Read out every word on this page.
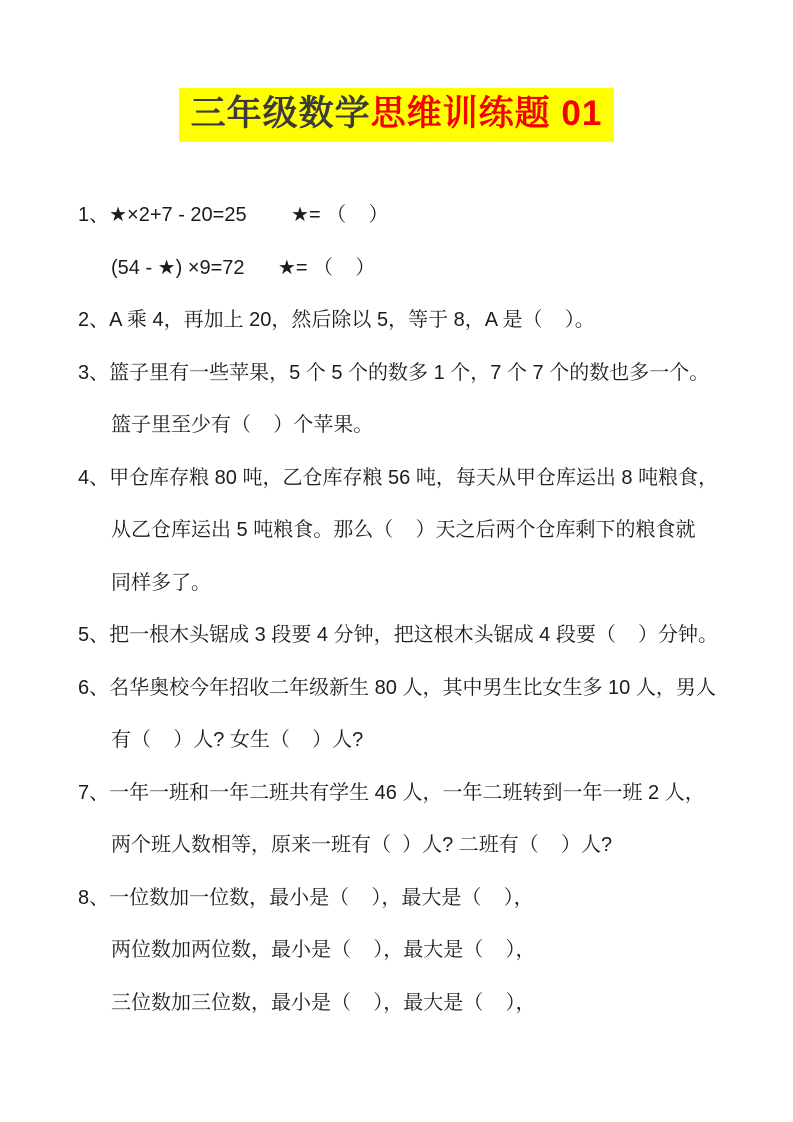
三年级数学思维训练题 01
1、★×2+7 - 20=25        ★= （    ）
(54 - ★) ×9=72      ★= （    ）
2、A 乘 4，再加上 20，然后除以 5，等于 8，A 是（    ）。
3、篮子里有一些苹果，5 个 5 个的数多 1 个，7 个 7 个的数也多一个。
篮子里至少有（    ）个苹果。
4、甲仓库存粮 80 吨，乙仓库存粮 56 吨，每天从甲仓库运出 8 吨粮食，
从乙仓库运出 5 吨粮食。那么（    ）天之后两个仓库剩下的粮食就
同样多了。
5、把一根木头锯成 3 段要 4 分钟，把这根木头锯成 4 段要（    ）分钟。
6、名华奥校今年招收二年级新生 80 人，其中男生比女生多 10 人，男人
有（    ）人? 女生（    ）人?
7、一年一班和一年二班共有学生 46 人，一年二班转到一年一班 2 人，
两个班人数相等，原来一班有（  ）人? 二班有（    ）人?
8、一位数加一位数，最小是（    ），最大是（    ），
两位数加两位数，最小是（    ），最大是（    ），
三位数加三位数，最小是（    ），最大是（    ），
